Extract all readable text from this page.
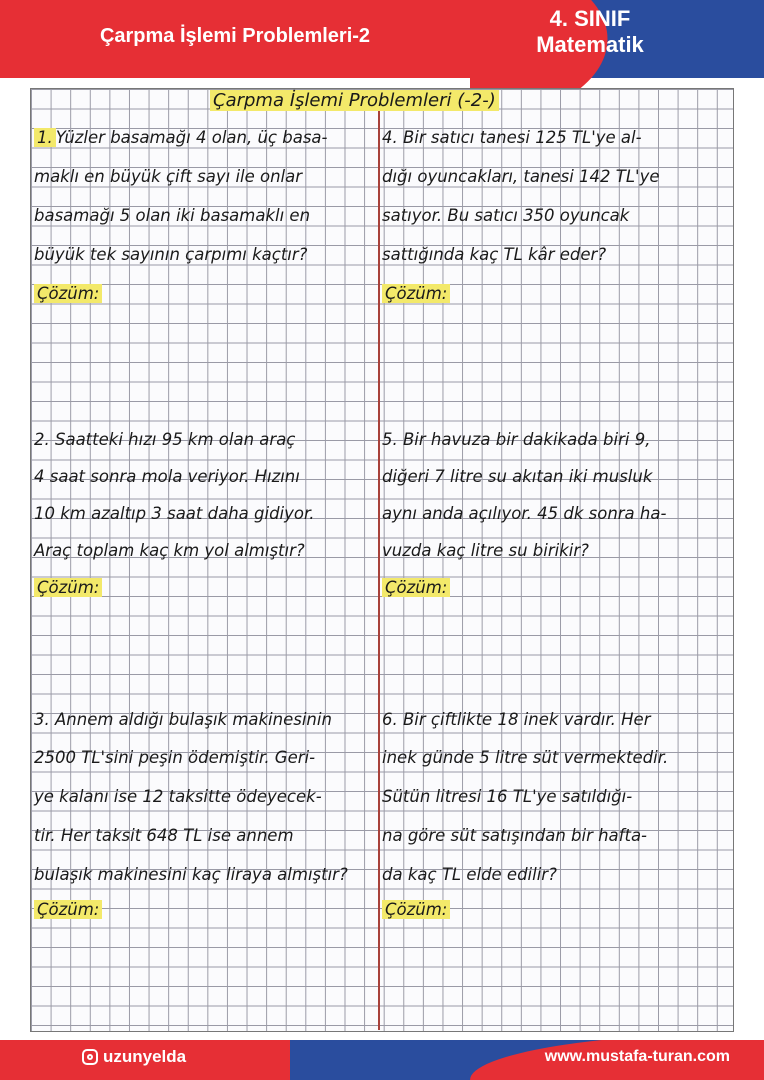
Çarpma İşlemi Problemleri-2
4. SINIF
Matematik
Çarpma İşlemi Problemleri (-2-)
1. Yüzler basamağı 4 olan, üç basa-
maklı en büyük çift sayı ile onlar
basamağı 5 olan iki basamaklı en
büyük tek sayının çarpımı kaçtır?
Çözüm:
4. Bir satıcı tanesi 125 TL'ye al-
dığı oyuncakları, tanesi 142 TL'ye
satıyor. Bu satıcı 350 oyuncak
sattığında kaç TL kâr eder?
Çözüm:
2. Saatteki hızı 95 km olan araç
4 saat sonra mola veriyor. Hızını
10 km azaltıp 3 saat daha gidiyor.
Araç toplam kaç km yol almıştır?
Çözüm:
5. Bir havuza bir dakikada biri 9,
diğeri 7 litre su akıtan iki musluk
aynı anda açılıyor. 45 dk sonra ha-
vuzda kaç litre su birikir?
Çözüm:
3. Annem aldığı bulaşık makinesinin
2500 TL'sini peşin ödemiştir. Geri-
ye kalanı ise 12 taksitte ödeyecek-
tir. Her taksit 648 TL ise annem
bulaşık makinesini kaç liraya almıştır?
Çözüm:
6. Bir çiftlikte 18 inek vardır. Her
inek günde 5 litre süt vermektedir.
Sütün litresi 16 TL'ye satıldığı-
na göre süt satışından bir hafta-
da kaç TL elde edilir?
Çözüm:
uzunyelda	www.mustafa-turan.com
